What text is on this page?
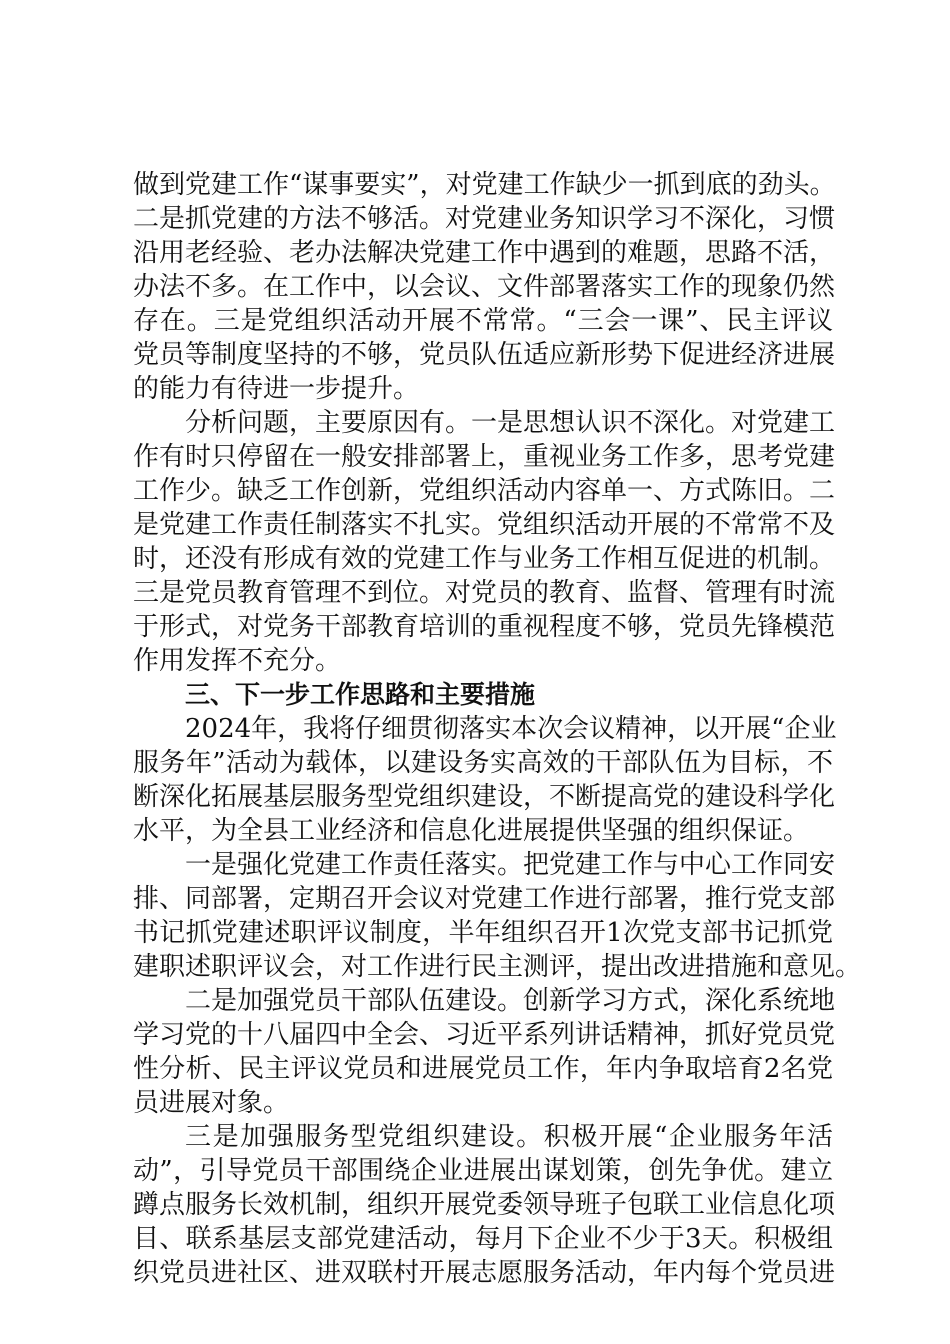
做到党建工作“谋事要实”，对党建工作缺少一抓到底的劲头。
二是抓党建的方法不够活。对党建业务知识学习不深化，习惯
沿用老经验、老办法解决党建工作中遇到的难题，思路不活，
办法不多。在工作中，以会议、文件部署落实工作的现象仍然
存在。三是党组织活动开展不常常。“三会一课”、民主评议
党员等制度坚持的不够，党员队伍适应新形势下促进经济进展
的能力有待进一步提升。
分析问题，主要原因有。一是思想认识不深化。对党建工
作有时只停留在一般安排部署上，重视业务工作多，思考党建
工作少。缺乏工作创新，党组织活动内容单一、方式陈旧。二
是党建工作责任制落实不扎实。党组织活动开展的不常常不及
时，还没有形成有效的党建工作与业务工作相互促进的机制。
三是党员教育管理不到位。对党员的教育、监督、管理有时流
于形式，对党务干部教育培训的重视程度不够，党员先锋模范
作用发挥不充分。
三、下一步工作思路和主要措施
2024年，我将仔细贯彻落实本次会议精神，以开展“企业
服务年”活动为载体，以建设务实高效的干部队伍为目标，不
断深化拓展基层服务型党组织建设，不断提高党的建设科学化
水平，为全县工业经济和信息化进展提供坚强的组织保证。
一是强化党建工作责任落实。把党建工作与中心工作同安
排、同部署，定期召开会议对党建工作进行部署，推行党支部
书记抓党建述职评议制度，半年组织召开1次党支部书记抓党
建职述职评议会，对工作进行民主测评，提出改进措施和意见。
二是加强党员干部队伍建设。创新学习方式，深化系统地
学习党的十八届四中全会、习近平系列讲话精神，抓好党员党
性分析、民主评议党员和进展党员工作，年内争取培育2名党
员进展对象。
三是加强服务型党组织建设。积极开展“企业服务年活
动”，引导党员干部围绕企业进展出谋划策，创先争优。建立
蹲点服务长效机制，组织开展党委领导班子包联工业信息化项
目、联系基层支部党建活动，每月下企业不少于3天。积极组
织党员进社区、进双联村开展志愿服务活动，年内每个党员进
